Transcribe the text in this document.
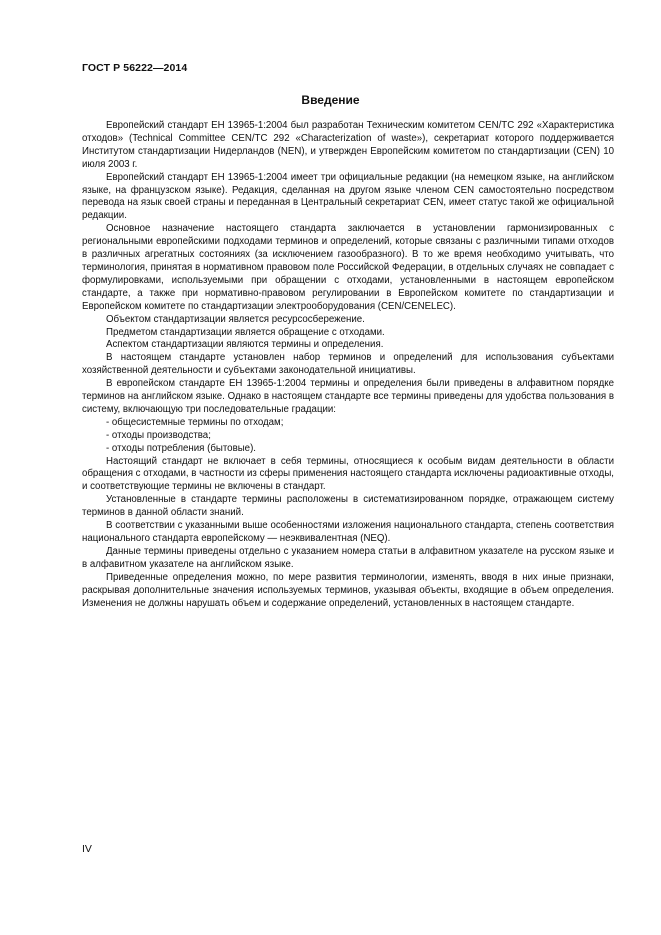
ГОСТ Р 56222—2014
Введение

Европейский стандарт ЕН 13965-1:2004 был разработан Техническим комитетом CEN/TC 292 «Характеристика отходов» (Technical Committee CEN/TC 292 «Characterization of waste»), секретариат которого поддерживается Институтом стандартизации Нидерландов (NEN), и утвержден Европейским комитетом по стандартизации (CEN) 10 июля 2003 г.

Европейский стандарт ЕН 13965-1:2004 имеет три официальные редакции (на немецком языке, на английском языке, на французском языке). Редакция, сделанная на другом языке членом CEN самостоятельно посредством перевода на язык своей страны и переданная в Центральный секретариат CEN, имеет статус такой же официальной редакции.

Основное назначение настоящего стандарта заключается в установлении гармонизированных с региональными европейскими подходами терминов и определений, которые связаны с различными типами отходов в различных агрегатных состояниях (за исключением газообразного). В то же время необходимо учитывать, что терминология, принятая в нормативном правовом поле Российской Федерации, в отдельных случаях не совпадает с формулировками, используемыми при обращении с отходами, установленными в настоящем европейском стандарте, а также при нормативно-правовом регулировании в Европейском комитете по стандартизации и Европейском комитете по стандартизации электрооборудования (CEN/CENELEC).

Объектом стандартизации является ресурсосбережение.

Предметом стандартизации является обращение с отходами.

Аспектом стандартизации являются термины и определения.

В настоящем стандарте установлен набор терминов и определений для использования субъектами хозяйственной деятельности и субъектами законодательной инициативы.

В европейском стандарте ЕН 13965-1:2004 термины и определения были приведены в алфавитном порядке терминов на английском языке. Однако в настоящем стандарте все термины приведены для удобства пользования в систему, включающую три последовательные градации:

- общесистемные термины по отходам;

- отходы производства;

- отходы потребления (бытовые).

Настоящий стандарт не включает в себя термины, относящиеся к особым видам деятельности в области обращения с отходами, в частности из сферы применения настоящего стандарта исключены радиоактивные отходы, и соответствующие термины не включены в стандарт.

Установленные в стандарте термины расположены в систематизированном порядке, отражающем систему терминов в данной области знаний.

В соответствии с указанными выше особенностями изложения национального стандарта, степень соответствия национального стандарта европейскому — неэквивалентная (NEQ).

Данные термины приведены отдельно с указанием номера статьи в алфавитном указателе на русском языке и в алфавитном указателе на английском языке.

Приведенные определения можно, по мере развития терминологии, изменять, вводя в них иные признаки, раскрывая дополнительные значения используемых терминов, указывая объекты, входящие в объем определения. Изменения не должны нарушать объем и содержание определений, установленных в настоящем стандарте.

IV
